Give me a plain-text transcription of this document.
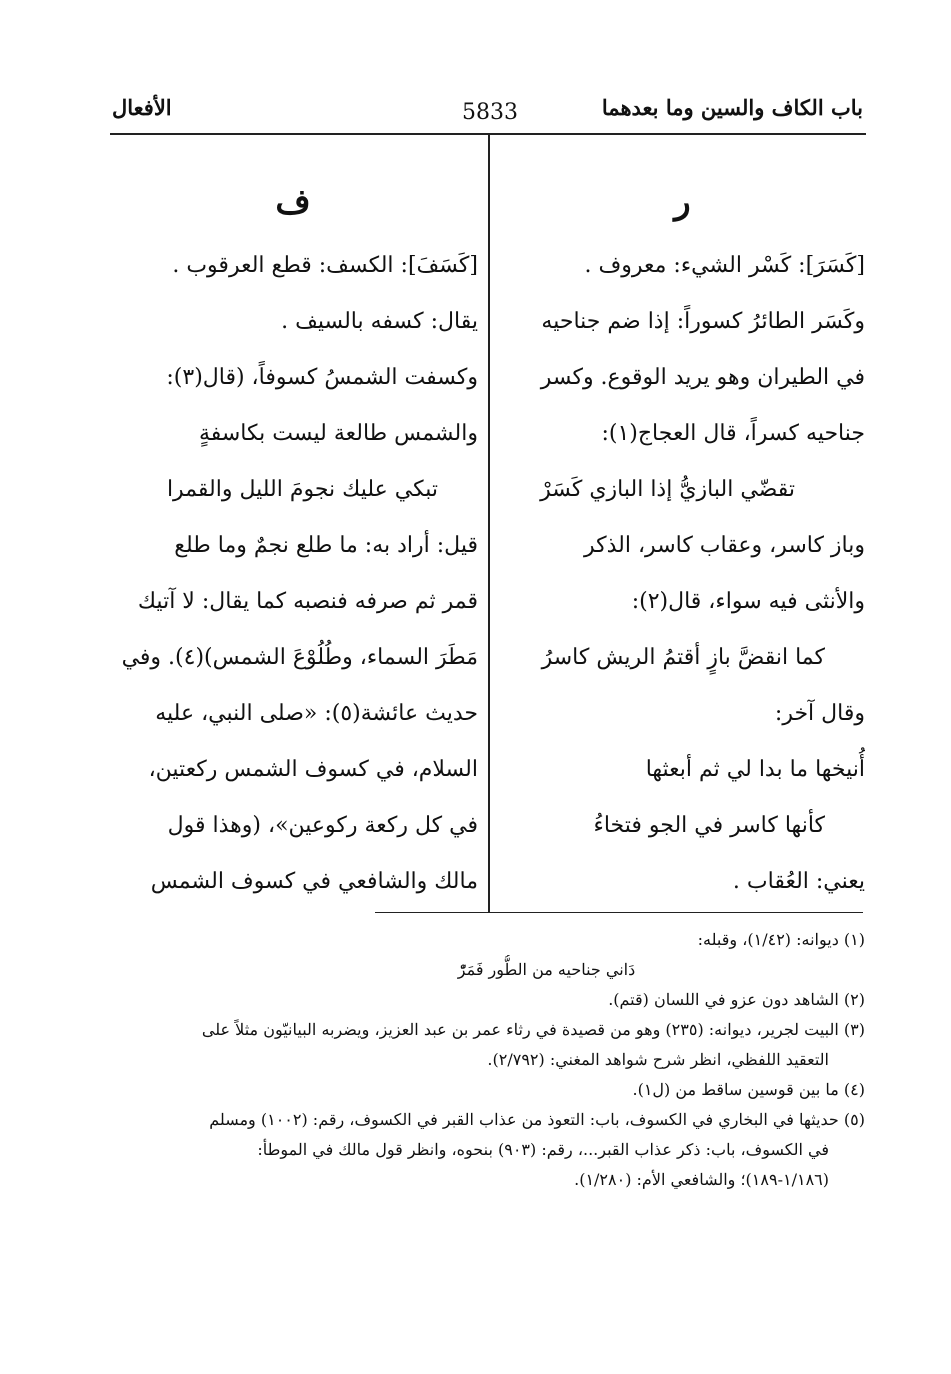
باب الكاف والسين وما بعدهما
5833
الأفعال
ر
[كَسَرَ]: كَسْر الشيء: معروف .
وكَسَر الطائرُ كسوراً: إذا ضم جناحيه
في الطيران وهو يريد الوقوع. وكسر
جناحيه كسراً، قال العجاج(١):
تقضّي البازيُّ إذا البازي كَسَرْ
وباز كاسر، وعقاب كاسر، الذكر
والأنثى فيه سواء، قال(٢):
كما انقضَّ بازٍ أقتمُ الريش كاسرُ
وقال آخر:
أُنيخها ما بدا لي ثم أبعثها
كأنها كاسر في الجو فتخاءُ
يعني: العُقاب .
ف
[كَسَفَ]: الكسف: قطع العرقوب .
يقال: كسفه بالسيف .
وكسفت الشمسُ كسوفاً، (قال(٣):
والشمس طالعة ليست بكاسفةٍ
تبكي عليك نجومَ الليل والقمرا
قيل: أراد به: ما طلع نجمٌ وما طلع
قمر ثم صرفه فنصبه كما يقال: لا آتيك
مَطَرَ السماء، وطُلُوْعَ الشمس)(٤). وفي
حديث عائشة(٥): «صلى النبي، عليه
السلام، في كسوف الشمس ركعتين،
في كل ركعة ركوعين»، (وهذا قول
مالك والشافعي في كسوف الشمس
(١) ديوانه: (١/٤٢)، وقبله:
دَاني جناحيه من الطُّور فَمَرّْ
(٢) الشاهد دون عزو في اللسان (قتم).
(٣) البيت لجرير، ديوانه: (٢٣٥) وهو من قصيدة في رثاء عمر بن عبد العزيز، ويضربه البيانيّون مثلاً على
التعقيد اللفظي، انظر شرح شواهد المغني: (٢/٧٩٢).
(٤) ما بين قوسين ساقط من (ل١).
(٥) حديثها في البخاري في الكسوف، باب: التعوذ من عذاب القبر في الكسوف، رقم: (١٠٠٢) ومسلم
في الكسوف، باب: ذكر عذاب القبر...، رقم: (٩٠٣) بنحوه، وانظر قول مالك في الموطأ:
(١/١٨٦-١٨٩)؛ والشافعي الأم: (١/٢٨٠).
